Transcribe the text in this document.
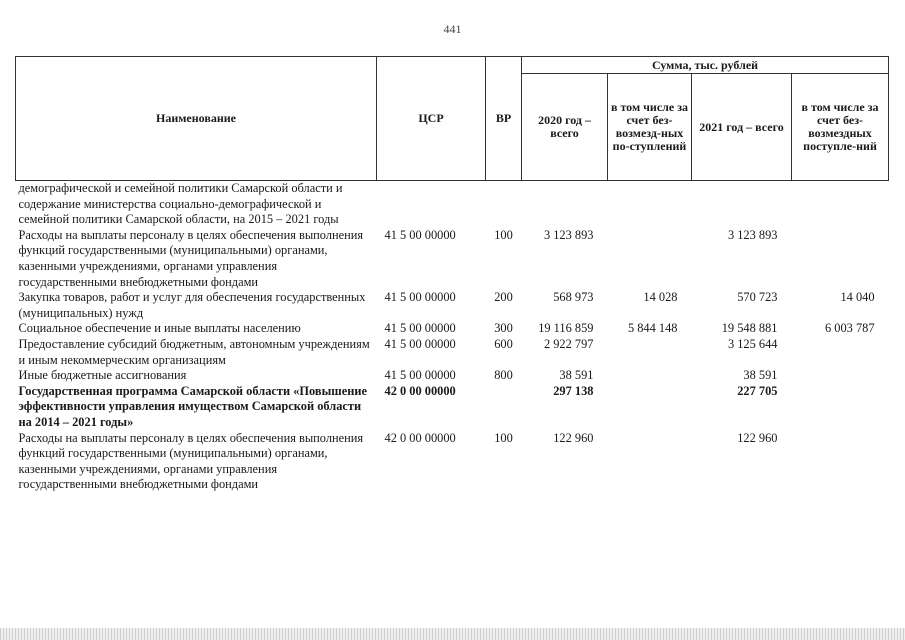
441
Наименование	ЦСР	ВР	Сумма, тыс. рублей			
			2020 год – всего	в том числе за счет без-возмезд-ных по-ступлений	2021 год – всего	в том числе за счет без-возмездных поступле-ний
демографической и семейной политики Самарской области и содержание министерства социально-демографической и семейной политики Самарской области, на 2015 – 2021 годы						
Расходы на выплаты персоналу в целях обеспечения выполнения функций государственными (муниципальными) органами, казенными учреждениями, органами управления государственными внебюджетными фондами	41 5 00 00000	100	3 123 893		3 123 893	
Закупка товаров, работ и услуг для обеспечения государственных (муниципальных) нужд	41 5 00 00000	200	568 973	14 028	570 723	14 040
Социальное обеспечение и иные выплаты населению	41 5 00 00000	300	19 116 859	5 844 148	19 548 881	6 003 787
Предоставление субсидий бюджетным, автономным учреждениям и иным некоммерческим организациям	41 5 00 00000	600	2 922 797		3 125 644	
Иные бюджетные ассигнования	41 5 00 00000	800	38 591		38 591	
Государственная программа Самарской области «Повышение эффективности управления имуществом Самарской области на 2014 – 2021 годы»	42 0 00 00000		297 138		227 705	
Расходы на выплаты персоналу в целях обеспечения выполнения функций государственными (муниципальными) органами, казенными учреждениями, органами управления государственными внебюджетными фондами	42 0 00 00000	100	122 960		122 960	
